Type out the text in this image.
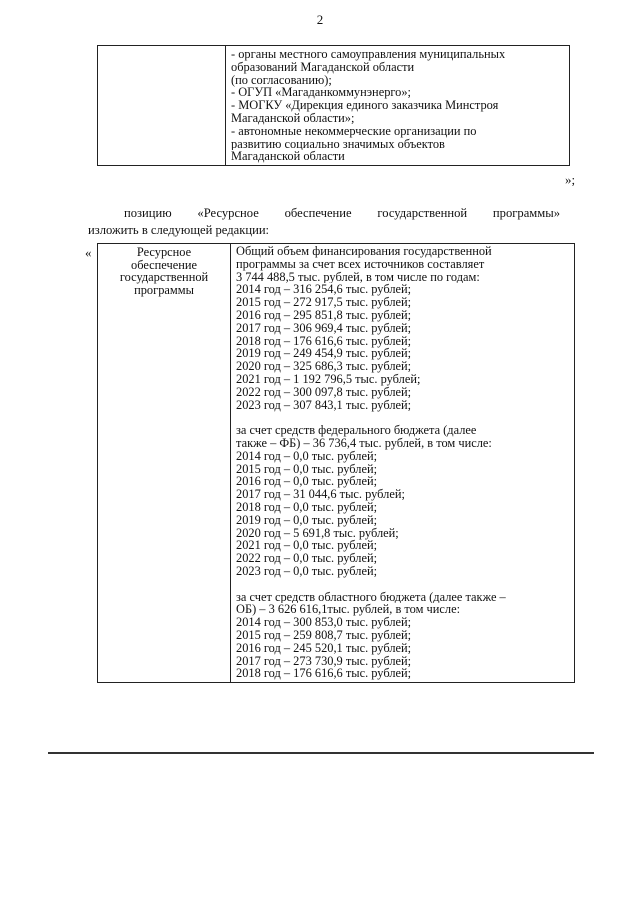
2

- органы местного самоуправления муниципальных
образований Магаданской области
(по согласованию);
- ОГУП «Магаданкоммунэнерго»;
- МОГКУ «Дирекция единого заказчика Минстроя
Магаданской области»;
- автономные некоммерческие организации по
развитию социально значимых объектов
Магаданской области
»;
позицию «Ресурсное обеспечение государственной программы»
изложить в следующей редакции:
«	Ресурсное
обеспечение
государственной
программы

Общий объем финансирования государственной
программы за счет всех источников составляет
3 744 488,5 тыс. рублей, в том числе по годам:
2014 год – 316 254,6 тыс. рублей;
2015 год – 272 917,5 тыс. рублей;
2016 год – 295 851,8 тыс. рублей;
2017 год – 306 969,4 тыс. рублей;
2018 год – 176 616,6 тыс. рублей;
2019 год – 249 454,9 тыс. рублей;
2020 год – 325 686,3 тыс. рублей;
2021 год – 1 192 796,5 тыс. рублей;
2022 год – 300 097,8 тыс. рублей;
2023 год – 307 843,1 тыс. рублей;
за счет средств федерального бюджета (далее
также – ФБ) – 36 736,4 тыс. рублей, в том числе:
2014 год – 0,0 тыс. рублей;
2015 год – 0,0 тыс. рублей;
2016 год – 0,0 тыс. рублей;
2017 год – 31 044,6 тыс. рублей;
2018 год – 0,0 тыс. рублей;
2019 год – 0,0 тыс. рублей;
2020 год – 5 691,8 тыс. рублей;
2021 год – 0,0 тыс. рублей;
2022 год – 0,0 тыс. рублей;
2023 год – 0,0 тыс. рублей;
за счет средств областного бюджета (далее также –
ОБ) – 3 626 616,1тыс. рублей, в том числе:
2014 год – 300 853,0 тыс. рублей;
2015 год – 259 808,7 тыс. рублей;
2016 год – 245 520,1 тыс. рублей;
2017 год – 273 730,9 тыс. рублей;
2018 год – 176 616,6 тыс. рублей;
